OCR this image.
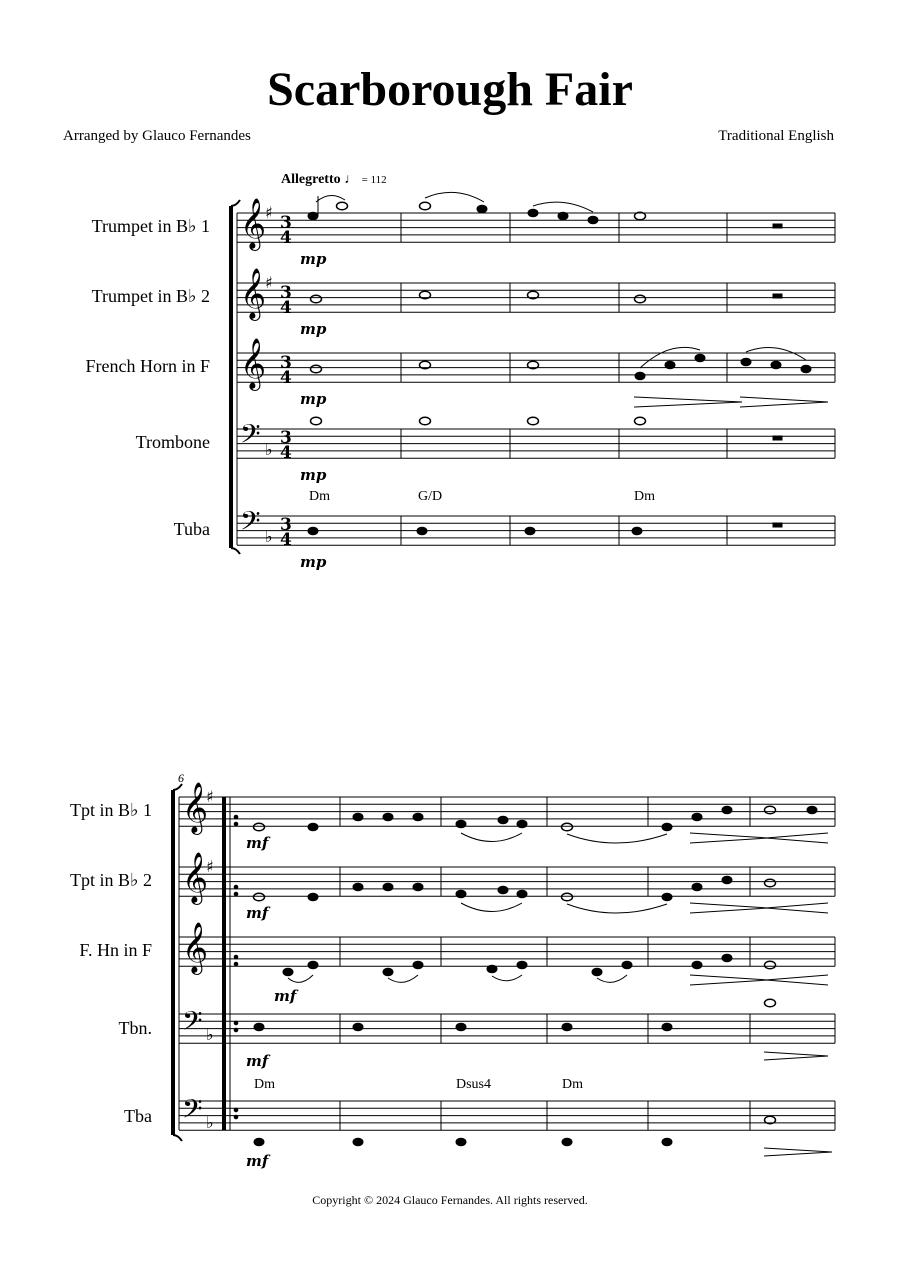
Scarborough Fair
Arranged by Glauco Fernandes	Traditional English
Allegretto ♩ = 112
Trumpet in B♭ 1
Trumpet in B♭ 2
French Horn in F
Trombone
Tuba
Tpt in B♭ 1
Tpt in B♭ 2
F. Hn in F
Tbn.
Tba
𝄞
𝄞
𝄞
𝄢
𝄢
♯
♯
♭
♭
3
4
3
4
3
4
3
4
3
4
mp
mp
mp
mp
mp
Dm	G/D	Dm
6
𝄞
𝄞
𝄞
𝄢
𝄢
♯
♯
♭
♭
mf
mf
mf
mf
mf
Dm	Dsus4	Dm
Copyright © 2024 Glauco Fernandes. All rights reserved.
